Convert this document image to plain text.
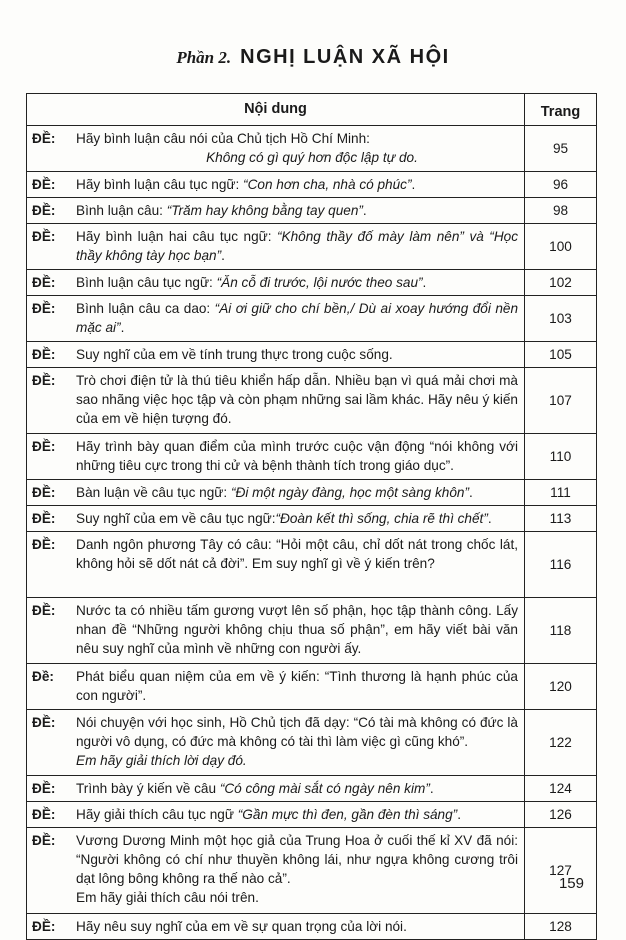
Phần 2. NGHỊ LUẬN XÃ HỘI
Nội dung	Trang

ĐỀ: Hãy bình luận câu nói của Chủ tịch Hồ Chí Minh:
Không có gì quý hơn độc lập tự do.	95

ĐỀ: Hãy bình luận câu tục ngữ: “Con hơn cha, nhà có phúc”.	96

ĐỀ: Bình luận câu: “Trăm hay không bằng tay quen”.	98

ĐỀ: Hãy bình luận hai câu tục ngữ: “Không thầy đố mày làm nên” và “Học thầy không tày học bạn”.	100

ĐỀ: Bình luận câu tục ngữ: “Ăn cỗ đi trước, lội nước theo sau”.	102

ĐỀ: Bình luận câu ca dao: “Ai ơi giữ cho chí bền,/ Dù ai xoay hướng đổi nền mặc ai”.	103

ĐỀ: Suy nghĩ của em về tính trung thực trong cuộc sống.	105

ĐỀ: Trò chơi điện tử là thú tiêu khiển hấp dẫn. Nhiều bạn vì quá mải chơi mà sao nhãng việc học tập và còn phạm những sai lầm khác. Hãy nêu ý kiến của em về hiện tượng đó.	107

ĐỀ: Hãy trình bày quan điểm của mình trước cuộc vận động “nói không với những tiêu cực trong thi cử và bệnh thành tích trong giáo dục”.	110

ĐỀ: Bàn luận về câu tục ngữ: “Đi một ngày đàng, học một sàng khôn”.	111

ĐỀ: Suy nghĩ của em về câu tục ngữ:“Đoàn kết thì sống, chia rẽ thì chết”.	113

ĐỀ: Danh ngôn phương Tây có câu: “Hỏi một câu, chỉ dốt nát trong chốc lát, không hỏi sẽ dốt nát cả đời”. Em suy nghĩ gì về ý kiến trên?	116

ĐỀ: Nước ta có nhiều tấm gương vượt lên số phận, học tập thành công. Lấy nhan đề “Những người không chịu thua số phận”, em hãy viết bài văn nêu suy nghĩ của mình về những con người ấy.	118

Đề: Phát biểu quan niệm của em về ý kiến: “Tình thương là hạnh phúc của con người”.	120

ĐỀ: Nói chuyện với học sinh, Hồ Chủ tịch đã dạy: “Có tài mà không có đức là người vô dụng, có đức mà không có tài thì làm việc gì cũng khó”.
Em hãy giải thích lời dạy đó.	122

ĐỀ: Trình bày ý kiến về câu “Có công mài sắt có ngày nên kim”.	124

ĐỀ: Hãy giải thích câu tục ngữ “Gần mực thì đen, gần đèn thì sáng”.	126

ĐỀ: Vương Dương Minh một học giả của Trung Hoa ở cuối thế kỉ XV đã nói: “Người không có chí như thuyền không lái, như ngựa không cương trôi dạt lông bông không ra thế nào cả”.
Em hãy giải thích câu nói trên.	127

ĐỀ: Hãy nêu suy nghĩ của em về sự quan trọng của lời nói.	128
159
